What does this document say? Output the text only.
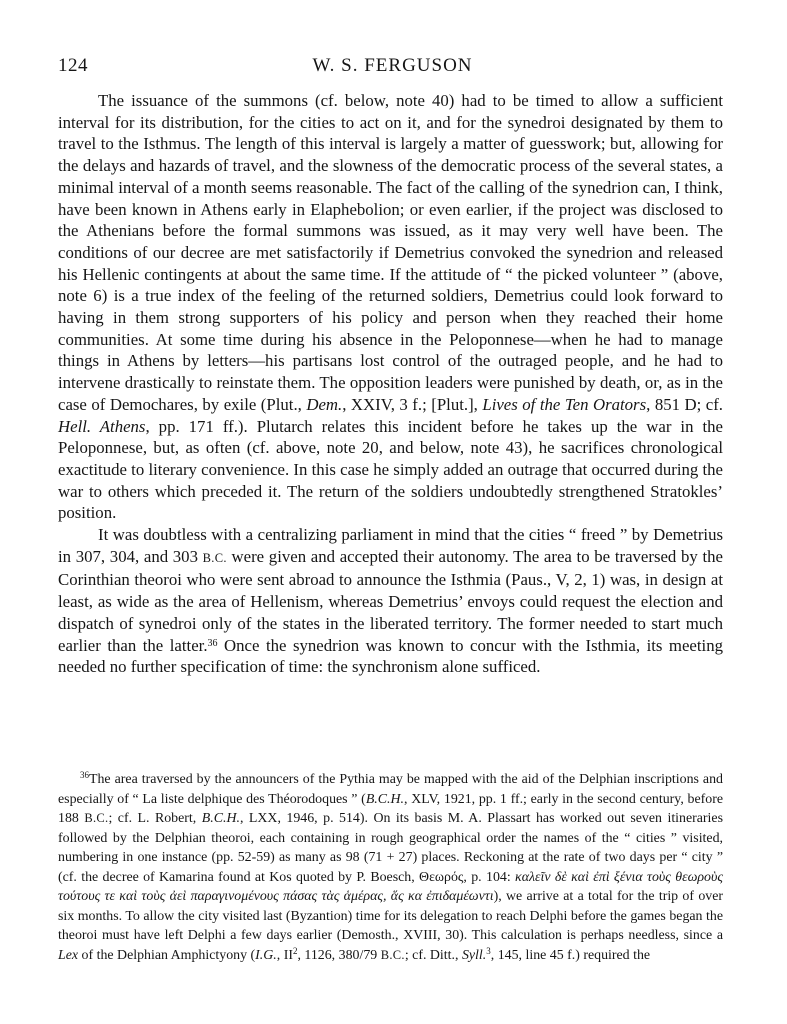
124	W. S. FERGUSON

The issuance of the summons (cf. below, note 40) had to be timed to allow a sufficient interval for its distribution, for the cities to act on it, and for the synedroi designated by them to travel to the Isthmus. The length of this interval is largely a matter of guesswork; but, allowing for the delays and hazards of travel, and the slowness of the democratic process of the several states, a minimal interval of a month seems reasonable. The fact of the calling of the synedrion can, I think, have been known in Athens early in Elaphebolion; or even earlier, if the project was disclosed to the Athenians before the formal summons was issued, as it may very well have been. The conditions of our decree are met satisfactorily if Demetrius convoked the synedrion and released his Hellenic contingents at about the same time. If the attitude of “ the picked volunteer ” (above, note 6) is a true index of the feeling of the returned soldiers, Demetrius could look forward to having in them strong supporters of his policy and person when they reached their home communities. At some time during his absence in the Peloponnese—when he had to manage things in Athens by letters—his partisans lost control of the outraged people, and he had to intervene drastically to reinstate them. The opposition leaders were punished by death, or, as in the case of Demochares, by exile (Plut., Dem., XXIV, 3 f.; [Plut.], Lives of the Ten Orators, 851 D; cf. Hell. Athens, pp. 171 ff.). Plutarch relates this incident before he takes up the war in the Peloponnese, but, as often (cf. above, note 20, and below, note 43), he sacrifices chronological exactitude to literary convenience. In this case he simply added an outrage that occurred during the war to others which preceded it. The return of the soldiers undoubtedly strengthened Stratokles’ position.

It was doubtless with a centralizing parliament in mind that the cities “ freed ” by Demetrius in 307, 304, and 303 B.C. were given and accepted their autonomy. The area to be traversed by the Corinthian theoroi who were sent abroad to announce the Isthmia (Paus., V, 2, 1) was, in design at least, as wide as the area of Hellenism, whereas Demetrius’ envoys could request the election and dispatch of synedroi only of the states in the liberated territory. The former needed to start much earlier than the latter.$^{36}$ Once the synedrion was known to concur with the Isthmia, its meeting needed no further specification of time: the synchronism alone sufficed.

$^{36}$The area traversed by the announcers of the Pythia may be mapped with the aid of the Delphian inscriptions and especially of “ La liste delphique des Théorodoques ” (B.C.H., XLV, 1921, pp. 1 ff.; early in the second century, before 188 B.C.; cf. L. Robert, B.C.H., LXX, 1946, p. 514). On its basis M. A. Plassart has worked out seven itineraries followed by the Delphian theoroi, each containing in rough geographical order the names of the “ cities ” visited, numbering in one instance (pp. 52-59) as many as 98 (71 + 27) places. Reckoning at the rate of two days per “ city ” (cf. the decree of Kamarina found at Kos quoted by P. Boesch, Θεωρός, p. 104: καλεῖν δὲ καὶ ἐπὶ ξένια τοὺς θεωροὺς τούτους τε καὶ τοὺς ἀεὶ παραγινομένους πάσας τὰς ἁμέρας, ἅς κα ἐπιδαμέωντι), we arrive at a total for the trip of over six months. To allow the city visited last (Byzantion) time for its delegation to reach Delphi before the games began the theoroi must have left Delphi a few days earlier (Demosth., XVIII, 30). This calculation is perhaps needless, since a Lex of the Delphian Amphictyony (I.G., $II^2$, 1126, 380/79 B.C.; cf. Ditt., Syll.$^3$, 145, line 45 f.) required the
